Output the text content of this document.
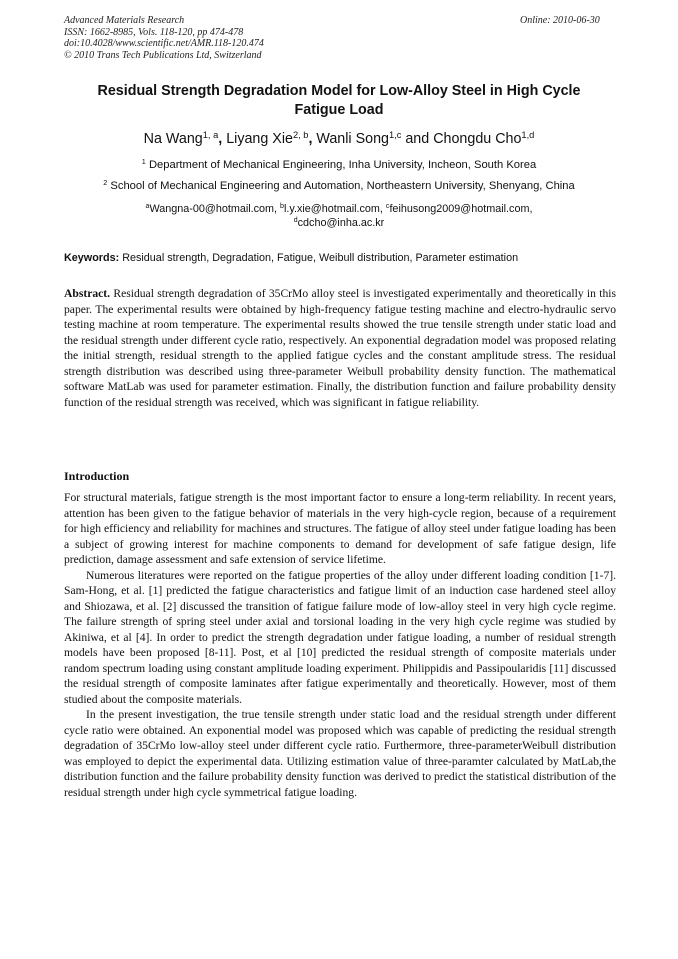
Advanced Materials Research
ISSN: 1662-8985, Vols. 118-120, pp 474-478
doi:10.4028/www.scientific.net/AMR.118-120.474
© 2010 Trans Tech Publications Ltd, Switzerland
Online: 2010-06-30
Residual Strength Degradation Model for Low-Alloy Steel in High Cycle
Fatigue Load
Na Wang$^{1, a}$, Liyang Xie$^{2, b}$, Wanli Song$^{1,c}$ and Chongdu Cho$^{1,d}$
$^1$ Department of Mechanical Engineering, Inha University, Incheon, South Korea
$^2$ School of Mechanical Engineering and Automation, Northeastern University, Shenyang, China
$^a$Wangna-00@hotmail.com, $^b$l.y.xie@hotmail.com, $^c$feihusong2009@hotmail.com,
$^d$cdcho@inha.ac.kr
Keywords: Residual strength, Degradation, Fatigue, Weibull distribution, Parameter estimation
Abstract. Residual strength degradation of 35CrMo alloy steel is investigated experimentally and theoretically in this paper. The experimental results were obtained by high-frequency fatigue testing machine and electro-hydraulic servo testing machine at room temperature. The experimental results showed the true tensile strength under static load and the residual strength under different cycle ratio, respectively. An exponential degradation model was proposed relating the initial strength, residual strength to the applied fatigue cycles and the constant amplitude stress. The residual strength distribution was described using three-parameter Weibull probability density function. The mathematical software MatLab was used for parameter estimation. Finally, the distribution function and failure probability density function of the residual strength was received, which was significant in fatigue reliability.
Introduction

For structural materials, fatigue strength is the most important factor to ensure a long-term reliability. In recent years, attention has been given to the fatigue behavior of materials in the very high-cycle region, because of a requirement for high efficiency and reliability for machines and structures. The fatigue of alloy steel under fatigue loading has been a subject of growing interest for machine components to demand for development of safe fatigue design, life prediction, damage assessment and safe extension of service lifetime.

Numerous literatures were reported on the fatigue properties of the alloy under different loading condition [1-7]. Sam-Hong, et al. [1] predicted the fatigue characteristics and fatigue limit of an induction case hardened steel alloy and Shiozawa, et al. [2] discussed the transition of fatigue failure mode of low-alloy steel in very high cycle regime. The failure strength of spring steel under axial and torsional loading in the very high cycle regime was studied by Akiniwa, et al [4]. In order to predict the strength degradation under fatigue loading, a number of residual strength models have been proposed [8-11]. Post, et al [10] predicted the residual strength of composite materials under random spectrum loading using constant amplitude loading experiment. Philippidis and Passipoularidis [11] discussed the residual strength of composite laminates after fatigue experimentally and theoretically. However, most of them studied about the composite materials.

In the present investigation, the true tensile strength under static load and the residual strength under different cycle ratio were obtained. An exponential model was proposed which was capable of predicting the residual strength degradation of 35CrMo low-alloy steel under different cycle ratio. Furthermore, three-parameterWeibull distribution was employed to depict the experimental data. Utilizing estimation value of three-paramter calculated by MatLab,the distribution function and the failure probability density function was derived to predict the statistical distribution of the residual strength under high cycle symmetrical fatigue loading.
